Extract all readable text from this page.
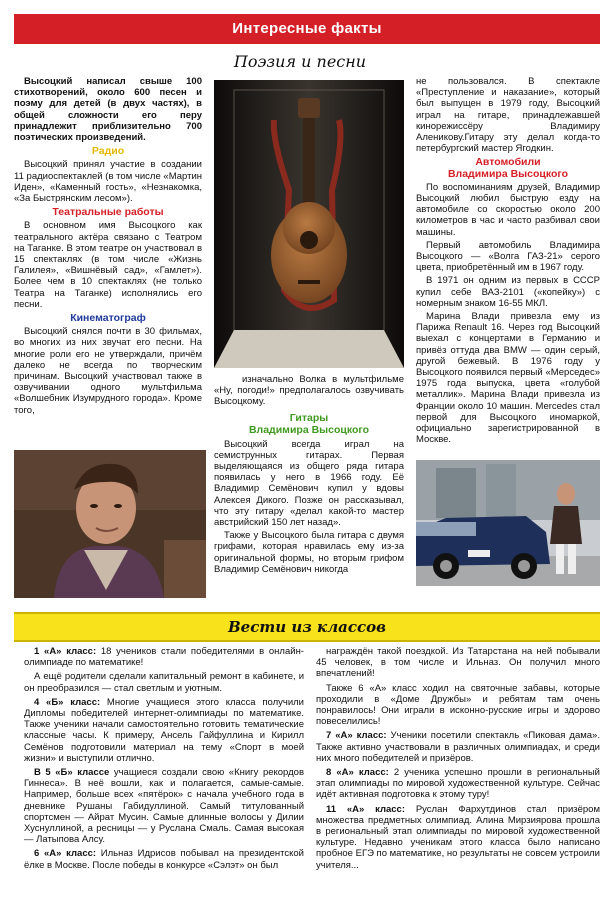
Интересные факты
Поэзия и песни

Высоцкий написал свыше 100 стихотворений, около 600 песен и поэму для детей (в двух частях), в общей сложности его перу принадлежит приблизительно 700 поэтических произведений.

Радио

Высоцкий принял участие в создании 11 радиоспектаклей (в том числе «Мартин Иден», «Каменный гость», «Незнакомка, «За Быстрянским лесом»).

Театральные работы

В основном имя Высоцкого как театрального актёра связано с Театром на Таганке. В этом театре он участвовал в 15 спектаклях (в том числе «Жизнь Галилея», «Вишнёвый сад», «Гамлет»). Более чем в 10 спектаклях (не только Театра на Таганке) исполнялись его песни.

Кинематограф

Высоцкий снялся почти в 30 фильмах, во многих из них звучат его песни. На многие роли его не утверждали, причём далеко не всегда по творческим причинам. Высоцкий участвовал также в озвучивании одного мультфильма «Волшебник Изумрудного города». Кроме того,

изначально Волка в мультфильме «Ну, погоди!» предполагалось озвучивать Высоцкому.

Гитары
Владимира Высоцкого

Высоцкий всегда играл на семиструнных гитарах. Первая выделяющаяся из общего ряда гитара появилась у него в 1966 году. Её Владимир Семёнович купил у вдовы Алексея Дикого. Позже он рассказывал, что эту гитару «делал какой-то мастер австрийский 150 лет назад».

Также у Высоцкого была гитара с двумя грифами, которая нравилась ему из-за оригинальной формы, но вторым грифом Владимир Семёнович никогда

не пользовался. В спектакле «Преступление и наказание», который был выпущен в 1979 году, Высоцкий играл на гитаре, принадлежавшей кинорежиссёру Владимиру Аленикову.Гитару эту делал когда-то петербургский мастер Ягодкин.

Автомобили
Владимира Высоцкого

По воспоминаниям друзей, Владимир Высоцкий любил быструю езду на автомобиле со скоростью около 200 километров в час и часто разбивал свои машины.

Первый автомобиль Владимира Высоцкого — «Волга ГАЗ-21» серого цвета, приобретённый им в 1967 году.

В 1971 он одним из первых в СССР купил себе ВАЗ-2101 («копейку») с номерным знаком 16-55 МКЛ.

Марина Влади привезла ему из Парижа Renault 16. Через год Высоцкий выехал с концертами в Германию и привёз оттуда два BMW — один серый, другой бежевый. В 1976 году у Высоцкого появился первый «Мерседес» 1975 года выпуска, цвета «голубой металлик». Марина Влади привезла из Франции около 10 машин. Mercedes стал первой для Высоцкого иномаркой, официально зарегистрированной в Москве.

Вести из классов

1 «А» класс: 18 учеников стали победителями в онлайн-олимпиаде по математике!

А ещё родители сделали капитальный ремонт в кабинете, и он преобразился — стал светлым и уютным.

4 «Б» класс: Многие учащиеся этого класса получили Дипломы победителей интернет-олимпиады по математике. Также ученики начали самостоятельно готовить тематические классные часы. К примеру, Ансель Гайфуллина и Кирилл Семёнов подготовили материал на тему «Спорт в моей жизни» и выступили отлично.

В 5 «Б» классе учащиеся создали свою «Книгу рекордов Гиннеса». В неё вошли, как и полагается, самые-самые. Например, больше всех «пятёрок» с начала учебного года в дневнике Рушаны Габидуллиной. Самый титулованный спортсмен — Айрат Мусин. Самые длинные волосы у Дилии Хуснуллиной, а ресницы — у Руслана Смаль. Самая высокая — Латыпова Алсу.

6 «А» класс: Ильназ Идрисов побывал на президентской ёлке в Москве. После победы в конкурсе «Сэлэт» он был

награждён такой поездкой. Из Татарстана на ней побывали 45 человек, в том числе и Ильназ. Он получил много впечатлений!

Также 6 «А» класс ходил на святочные забавы, которые проходили в «Доме Дружбы» и ребятам там очень понравилось! Они играли в исконно-русские игры и здорово повеселились!

7 «А» класс: Ученики посетили спектакль «Пиковая дама». Также активно участвовали в различных олимпиадах, и среди них много победителей и призёров.

8 «А» класс: 2 ученика успешно прошли в региональный этап олимпиады по мировой художественной культуре. Сейчас идёт активная подготовка к этому туру!

11 «А» класс: Руслан Фархутдинов стал призёром множества предметных олимпиад. Алина Мирзиярова прошла в региональный этап олимпиады по мировой художественной культуре. Недавно ученикам этого класса было написано пробное ЕГЭ по математике, но результаты не совсем устроили учителя...
